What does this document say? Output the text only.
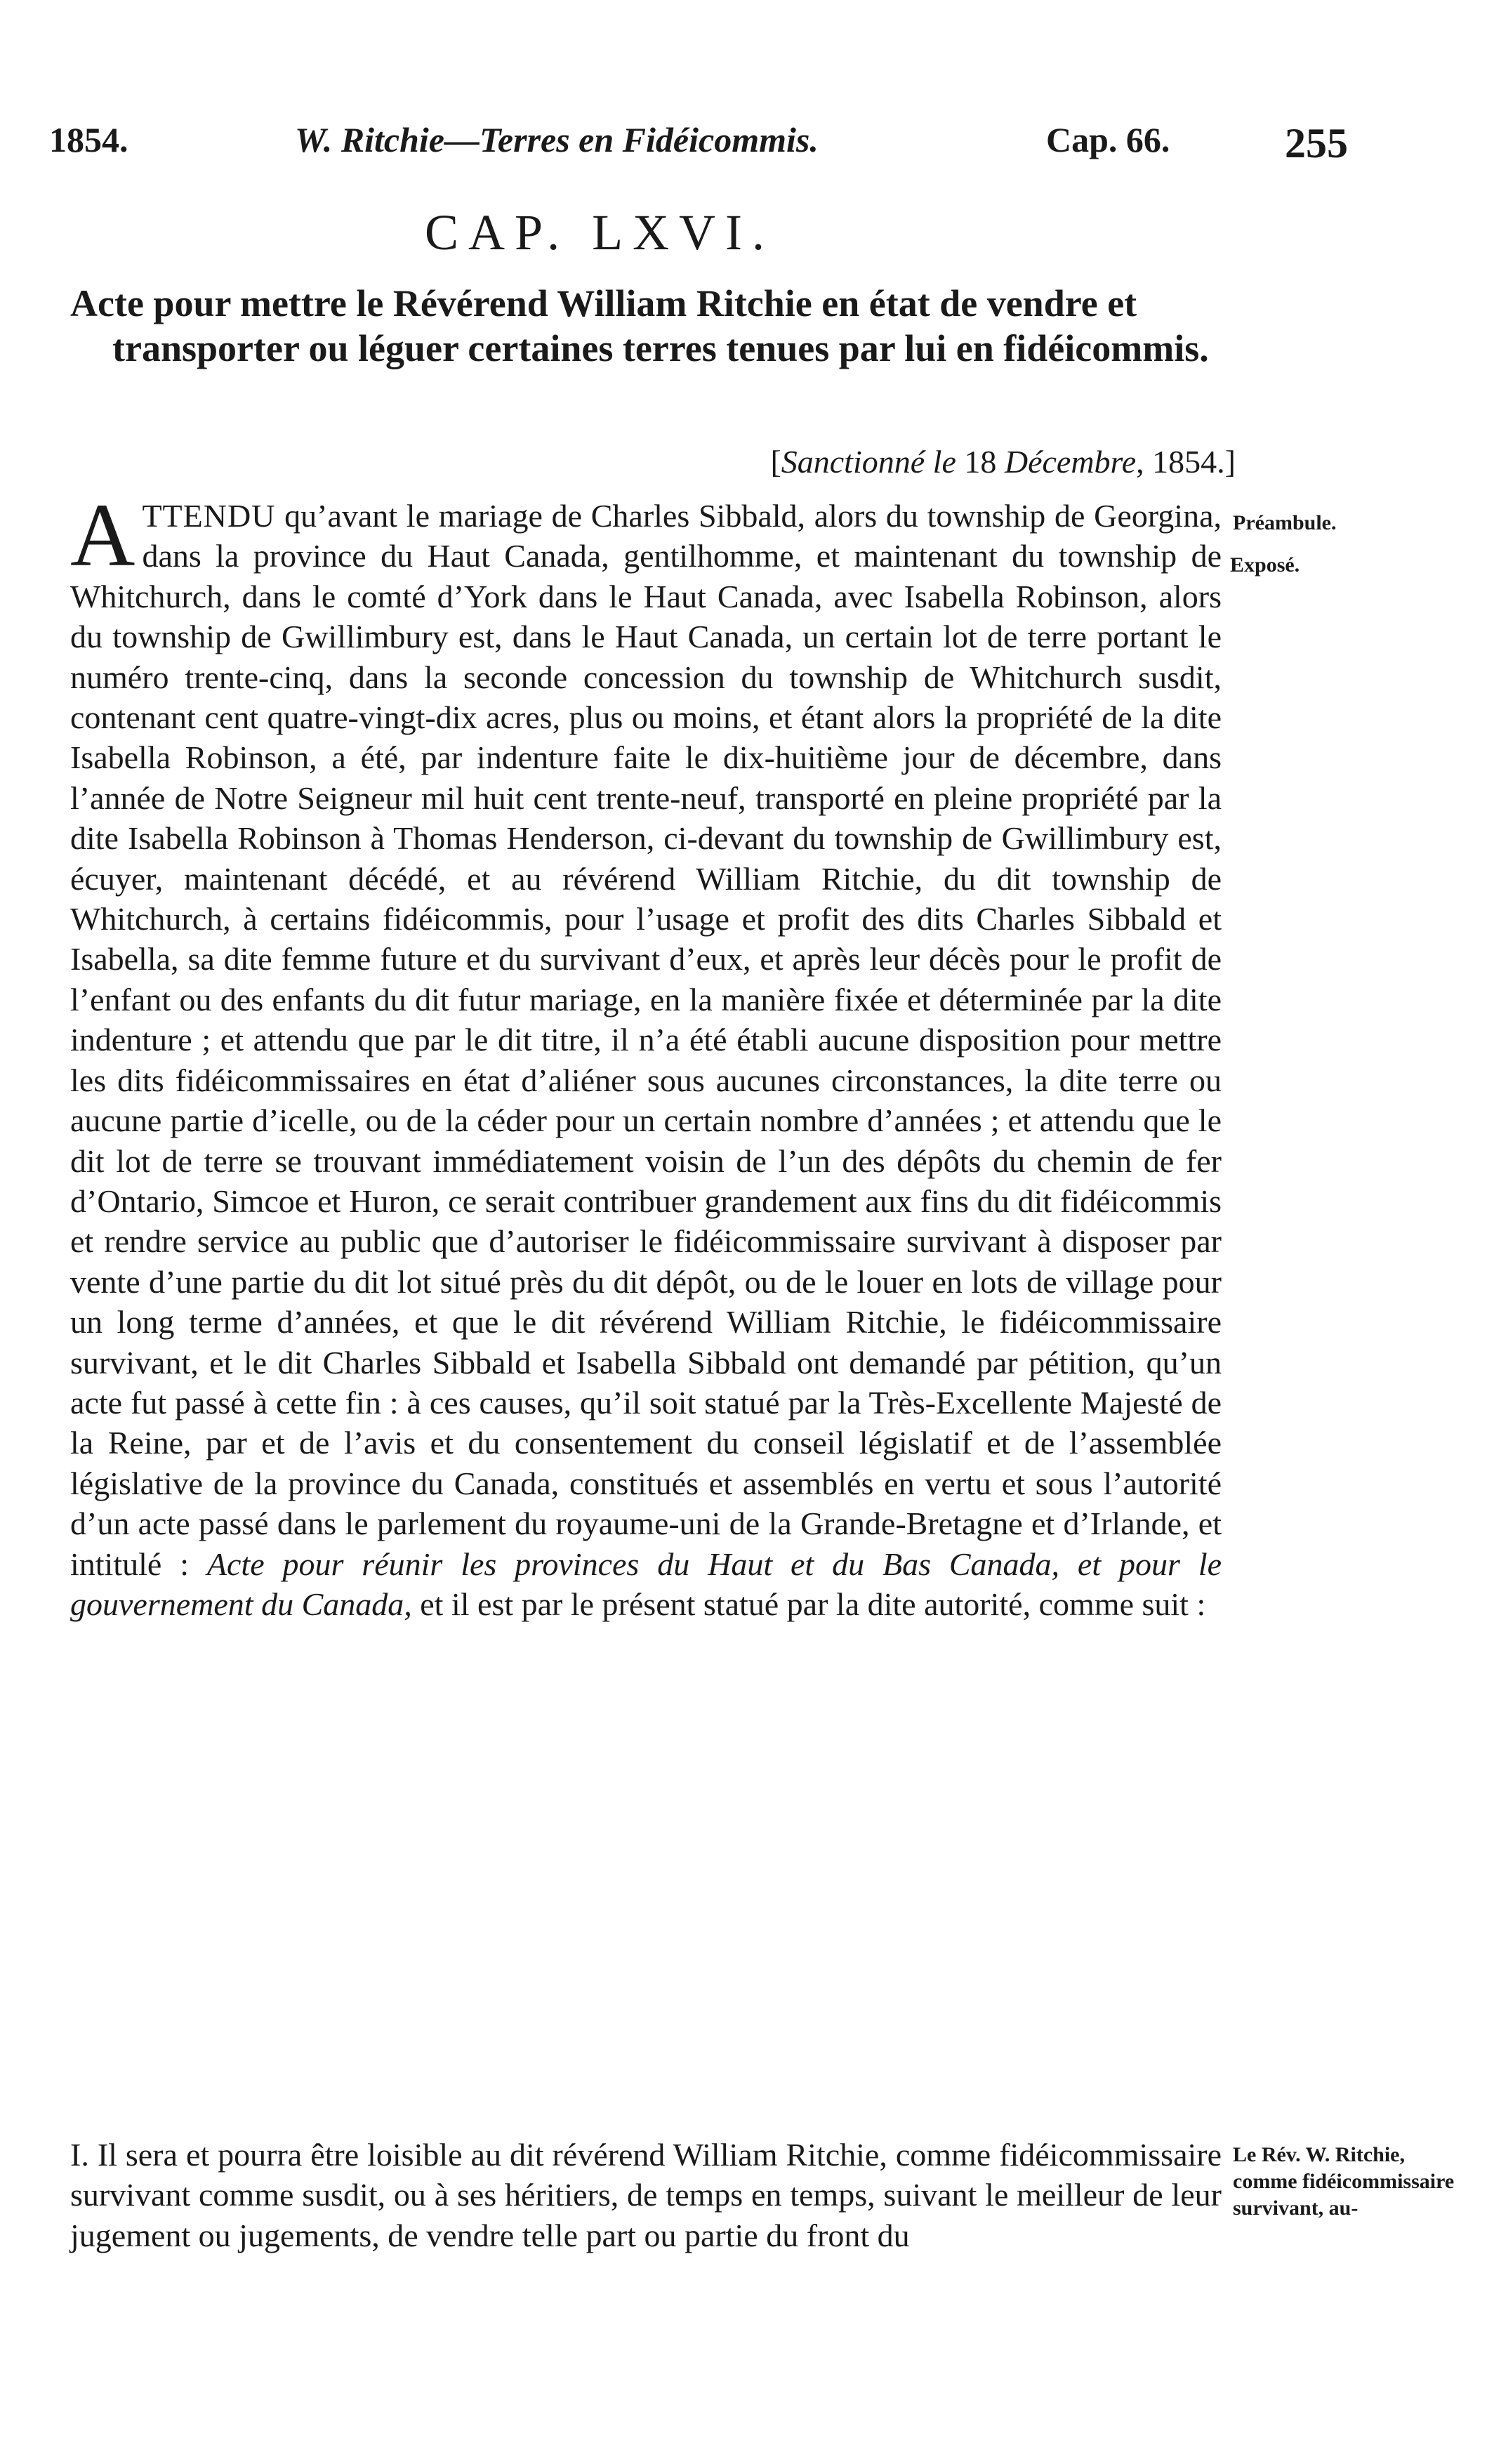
1854.	W. Ritchie—Terres en Fidéicommis.	Cap. 66.	255
CAP. LXVI.
Acte pour mettre le Révérend William Ritchie en état de vendre et transporter ou léguer certaines terres tenues par lui en fidéicommis.
[Sanctionné le 18 Décembre, 1854.]
Préambule.
Exposé.
ATTENDU qu’avant le mariage de Charles Sibbald, alors du township de Georgina, dans la province du Haut Canada, gentilhomme, et maintenant du township de Whitchurch, dans le comté d’York dans le Haut Canada, avec Isabella Robinson, alors du township de Gwillimbury est, dans le Haut Canada, un certain lot de terre portant le numéro trente-cinq, dans la seconde concession du township de Whitchurch susdit, contenant cent quatre-vingt-dix acres, plus ou moins, et étant alors la propriété de la dite Isabella Robinson, a été, par indenture faite le dix-huitième jour de décembre, dans l’année de Notre Seigneur mil huit cent trente-neuf, transporté en pleine propriété par la dite Isabella Robinson à Thomas Henderson, ci-devant du township de Gwillimbury est, écuyer, maintenant décédé, et au révérend William Ritchie, du dit township de Whitchurch, à certains fidéicommis, pour l’usage et profit des dits Charles Sibbald et Isabella, sa dite femme future et du survivant d’eux, et après leur décès pour le profit de l’enfant ou des enfants du dit futur mariage, en la manière fixée et déterminée par la dite indenture ; et attendu que par le dit titre, il n’a été établi aucune disposition pour mettre les dits fidéicommissaires en état d’aliéner sous aucunes circonstances, la dite terre ou aucune partie d’icelle, ou de la céder pour un certain nombre d’années ; et attendu que le dit lot de terre se trouvant immédiatement voisin de l’un des dépôts du chemin de fer d’Ontario, Simcoe et Huron, ce serait contribuer grandement aux fins du dit fidéicommis et rendre service au public que d’autoriser le fidéicommissaire survivant à disposer par vente d’une partie du dit lot situé près du dit dépôt, ou de le louer en lots de village pour un long terme d’années, et que le dit révérend William Ritchie, le fidéicommissaire survivant, et le dit Charles Sibbald et Isabella Sibbald ont demandé par pétition, qu’un acte fut passé à cette fin : à ces causes, qu’il soit statué par la Très-Excellente Majesté de la Reine, par et de l’avis et du consentement du conseil législatif et de l’assemblée législative de la province du Canada, constitués et assemblés en vertu et sous l’autorité d’un acte passé dans le parlement du royaume-uni de la Grande-Bretagne et d’Irlande, et intitulé : Acte pour réunir les provinces du Haut et du Bas Canada, et pour le gouvernement du Canada, et il est par le présent statué par la dite autorité, comme suit :
Le Rév. W. Ritchie, comme fidéicommissaire survivant, au-
I. Il sera et pourra être loisible au dit révérend William Ritchie, comme fidéicommissaire survivant comme susdit, ou à ses héritiers, de temps en temps, suivant le meilleur de leur jugement ou jugements, de vendre telle part ou partie du front du
